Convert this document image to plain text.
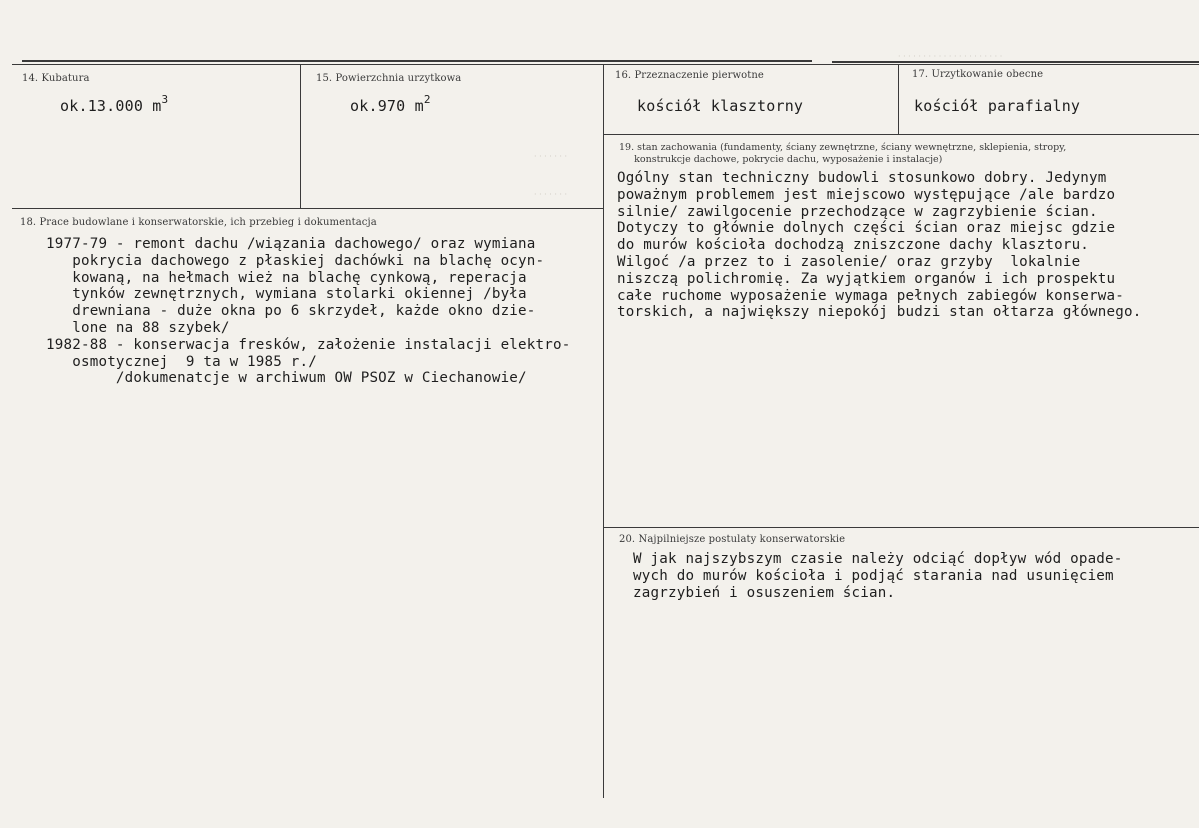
· · · · · · · · · · · · · · · · · · · · ·
· · · · · · ·
· · · · · · ·
14. Kubatura
ok.13.000 $m^3$
15. Powierzchnia urzytkowa
ok.970 $m^2$
16. Przeznaczenie pierwotne
kościół klasztorny
17. Urzytkowanie obecne
kościół parafialny
18. Prace budowlane i konserwatorskie, ich przebieg i dokumentacja
1977-79 - remont dachu /wiązania dachowego/ oraz wymiana
pokrycia dachowego z płaskiej dachówki na blachę ocyn-
kowaną, na hełmach wież na blachę cynkową, reperacja
tynków zewnętrznych, wymiana stolarki okiennej /była
drewniana - duże okna po 6 skrzydeł, każde okno dzie-
lone na 88 szybek/
1982-88 - konserwacja fresków, założenie instalacji elektro-
osmotycznej  9 ta w 1985 r./
/dokumenatcje w archiwum OW PSOZ w Ciechanowie/
19. stan zachowania (fundamenty, ściany zewnętrzne, ściany wewnętrzne, sklepienia, stropy,
konstrukcje dachowe, pokrycie dachu, wyposażenie i instalacje)
Ogólny stan techniczny budowli stosunkowo dobry. Jedynym
poważnym problemem jest miejscowo występujące /ale bardzo
silnie/ zawilgocenie przechodzące w zagrzybienie ścian.
Dotyczy to głównie dolnych części ścian oraz miejsc gdzie
do murów kościoła dochodzą zniszczone dachy klasztoru.
Wilgoć /a przez to i zasolenie/ oraz grzyby  lokalnie
niszczą polichromię. Za wyjątkiem organów i ich prospektu
całe ruchome wyposażenie wymaga pełnych zabiegów konserwa-
torskich, a największy niepokój budzi stan ołtarza głównego.
20. Najpilniejsze postulaty konserwatorskie
W jak najszybszym czasie należy odciąć dopływ wód opade-
wych do murów kościoła i podjąć starania nad usunięciem
zagrzybień i osuszeniem ścian.
